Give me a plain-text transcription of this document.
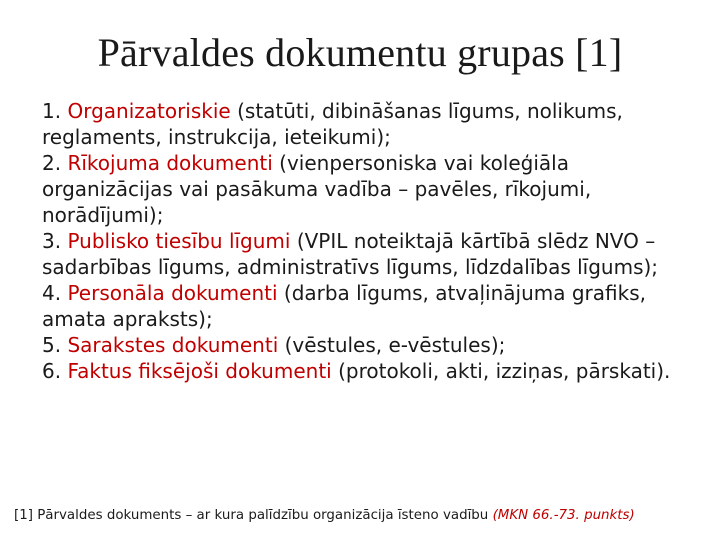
Pārvaldes dokumentu grupas [1]
1. Organizatoriskie (statūti, dibināšanas līgums, nolikums, reglaments, instrukcija, ieteikumi);
2. Rīkojuma dokumenti (vienpersoniska vai koleģiāla organizācijas vai pasākuma vadība – pavēles, rīkojumi, norādījumi);
3. Publisko tiesību līgumi (VPIL noteiktajā kārtībā slēdz NVO – sadarbības līgums, administratīvs līgums, līdzdalības līgums);
4. Personāla dokumenti (darba līgums, atvaļinājuma grafiks, amata apraksts);
5. Sarakstes dokumenti (vēstules, e-vēstules);
6. Faktus fiksējoši dokumenti (protokoli, akti, izziņas, pārskati).
[1] Pārvaldes dokuments – ar kura palīdzību organizācija īsteno vadību (MKN 66.-73. punkts)
